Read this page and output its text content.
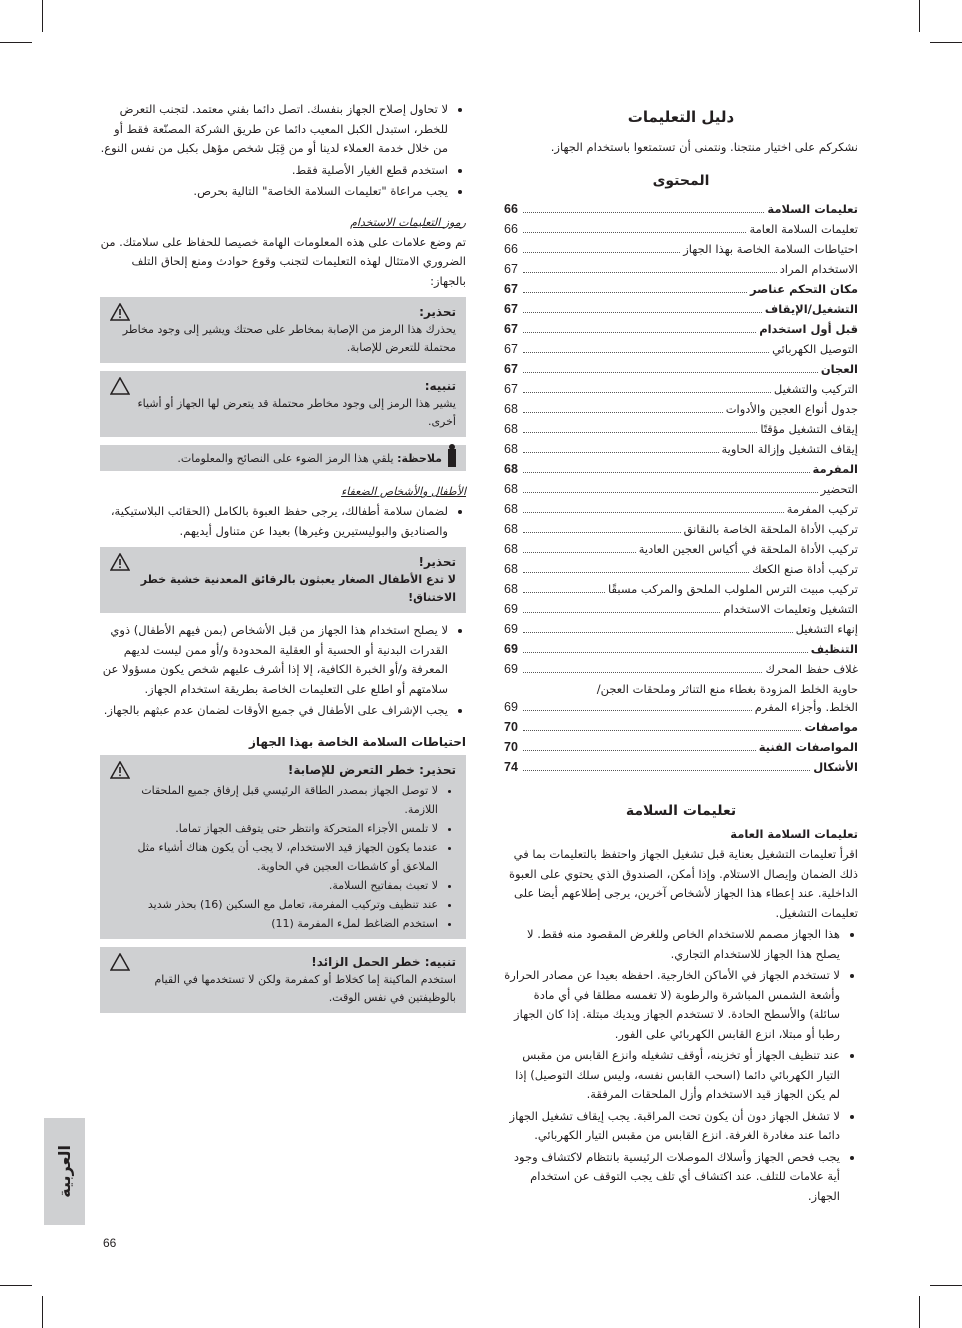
دليل التعليمات
نشكركم على اختيار منتجنا. ونتمنى أن تستمتعوا باستخدام الجهاز.
المحتوى
تعليمات السلامة
66
تعليمات السلامة العامة
66
احتياطات السلامة الخاصة بهذا الجهاز
66
الاستخدام المراد
67
مكان التحكم عناصر
67
التشغيل/الإيقاف
67
قبل أول استخدام
67
التوصيل الكهربائي
67
العجان
67
التركيب والتشغيل
67
جدول أنواع العجين والأدوات
68
إيقاف التشغيل مؤقتًا
68
إيقاف التشغيل وإزالة الحاوية
68
المفرمة
68
التحضير
68
تركيب المفرمة
68
تركيب الأداة الملحقة الخاصة بالنقانق
68
تركيب الأداة الملحقة في أكياس العجين العادية
68
تركيب أداة صنع الكعك
68
تركيب مبيت الترس الملولب الملحق والمركب مسبقًا
68
التشغيل وتعليمات الاستخدام
69
إنهاء التشغيل
69
التنظيف
69
غلاف حفظ المحرك
69
حاوية الخلط المزودة بغطاء منع التناثر وملحقات العجن/
الخلط. وأجزاء المفرم
69
مواصفات
70
المواصفات الفنية
70
الأشكال
74
تعليمات السلامة
تعليمات السلامة العامة

اقرأ تعليمات التشغيل بعناية قبل تشغيل الجهاز واحتفظ بالتعليمات بما في ذلك الضمان وإيصال الاستلام. وإذا أمكن، الصندوق الذي يحتوي على العبوة الداخلية. عند إعطاء هذا الجهاز لأشخاص آخرين، يرجى إطلاعهم أيضا على تعليمات التشغيل.

• هذا الجهاز مصمم للاستخدام الخاص وللغرض المقصود منه فقط. لا يصلح هذا الجهاز للاستخدام التجاري.
• لا تستخدم الجهاز في الأماكن الخارجية. احفظه بعيدا عن مصادر الحرارة وأشعة الشمس المباشرة والرطوبة (لا تغمسه مطلقا في أي مادة سائلة) والأسطح الحادة. لا تستخدم الجهاز ويديك مبتلة. إذا كان الجهاز رطبا أو مبتلا، انزع القابس الكهربائي على الفور.
• عند تنظيف الجهاز أو تخزينه، أوقف تشغيله وانزع القابس من مقبس التيار الكهربائي دائما (اسحب القابس نفسه، وليس سلك التوصيل) إذا لم يكن الجهاز قيد الاستخدام وأزل الملحقات المرفقة.
• لا تشغل الجهاز دون أن يكون تحت المراقبة. يجب إيقاف تشغيل الجهاز دائما عند مغادرة الغرفة. انزع القابس من مقبس التيار الكهربائي.
• يجب فحص الجهاز وأسلاك الموصلات الرئيسية بانتظام لاكتشاف وجود أية علامات للتلف. عند اكتشاف أي تلف يجب التوقف عن استخدام الجهاز.
• لا تحاول إصلاح الجهاز بنفسك. اتصل دائما بفني معتمد. لتجنب التعرض للخطر، استبدل الكبل المعيب دائما عن طريق الشركة المصنّعة فقط أو من خلال خدمة العملاء لدينا أو من قِبَل شخص مؤهل بكبل من نفس النوع.
• استخدم قطع الغيار الأصلية فقط.
• يجب مراعاة "تعليمات السلامة الخاصة" التالية بحرص.
رموز التعليمات الاستخدام

تم وضع علامات على هذه المعلومات الهامة خصيصا للحفاظ على سلامتك. من الضروري الامتثال لهذه التعليمات لتجنب وقوع حوادث ومنع إلحاق التلف بالجهاز:

تحذير:

يحذرك هذا الرمز من الإصابة بمخاطر على صحتك ويشير إلى وجود مخاطر محتملة للتعرض للإصابة.

تنبيه:

يشير هذا الرمز إلى وجود مخاطر محتملة قد يتعرض لها الجهاز أو أشياء أخرى.

ملاحظة:

يلقي هذا الرمز الضوء على النصائح والمعلومات.
الأطفال والأشخاص الضعفاء
• لضمان سلامة أطفالك، يرجى حفظ العبوة بالكامل (الحقائب البلاستيكية، والصناديق والبوليستيرين وغيرها) بعيدا عن متناول أيديهم.
تحذير!

لا تدع الأطفال الصغار يعبثون بالرقائق المعدنية خشية خطر الاختناق!

• لا يصلح استخدام هذا الجهاز من قبل الأشخاص (بمن فيهم الأطفال) ذوي القدرات البدنية أو الحسية أو العقلية المحدودة و/أو ممن ليست لديهم المعرفة و/أو الخبرة الكافية، إلا إذا أشرف عليهم شخص يكون مسؤولا عن سلامتهم أو اطلع على التعليمات الخاصة بطريقة استخدام الجهاز.
• يجب الإشراف على الأطفال في جميع الأوقات لضمان عدم عبثهم بالجهاز.
احتياطات السلامة الخاصة بهذا الجهاز
تحذير: خطر التعرض للإصابة!
• لا توصل الجهاز بمصدر الطاقة الرئيسي قبل إرفاق جميع الملحقات اللازمة.
• لا تلمس الأجزاء المتحركة وانتظر حتى يتوقف الجهاز تماما.
• عندما يكون الجهاز قيد الاستخدام، لا يجب أن يكون هناك أشياء مثل الملاعق أو كاشطات العجين في الحاوية.
• لا تعبث بمفاتيح السلامة.
• عند تنظيف وتركيب المفرمة، تعامل مع السكين (16) بحذر شديد
• استخدم الضاغط لملء المفرمة (11)
تنبيه: خطر الحمل الزائد!

استخدم الماكينة إما كخلاط أو كمفرمة ولكن لا تستخدمها في القيام بالوظيفتين في نفس الوقت.

العربية
66
